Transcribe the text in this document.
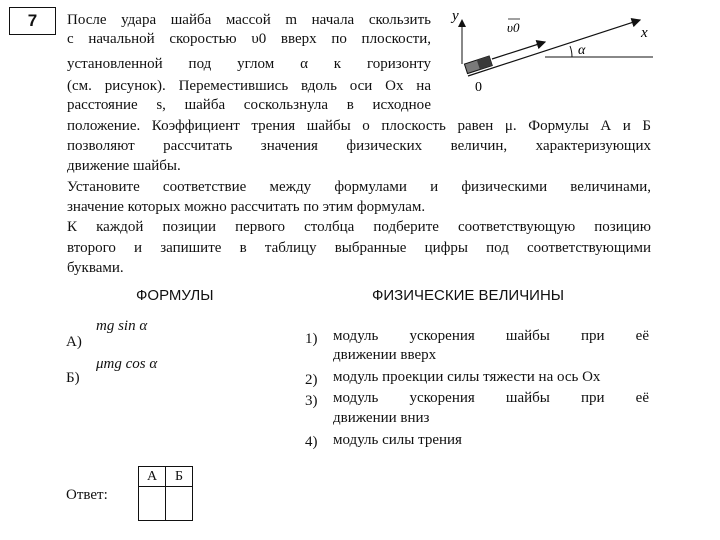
7	После удара шайба массой m начала скользить
с начальной скоростью υ0 вверх по плоскости,
установленной под углом α к горизонту
(см. рисунок). Переместившись вдоль оси Ox на
расстояние s, шайба соскользнула в исходное
положение. Коэффициент трения шайбы о плоскость равен μ. Формулы А и Б
позволяют рассчитать значения физических величин, характеризующих
движение шайбы.
Установите соответствие между формулами и физическими величинами,
значение которых можно рассчитать по этим формулам.
К каждой позиции первого столбца подберите соответствующую позицию
второго и запишите в таблицу выбранные цифры под соответствующими
буквами.
y
x
υ0
α
0
ФОРМУЛЫ	ФИЗИЧЕСКИЕ ВЕЛИЧИНЫ
А)
mg sin α
Б)
μmg cos α
1) модуль ускорения шайбы при её
движении вверх
2) модуль проекции силы тяжести на ось Ox
3) модуль ускорения шайбы при её
движении вниз
4) модуль силы трения
Ответ:
А	Б
